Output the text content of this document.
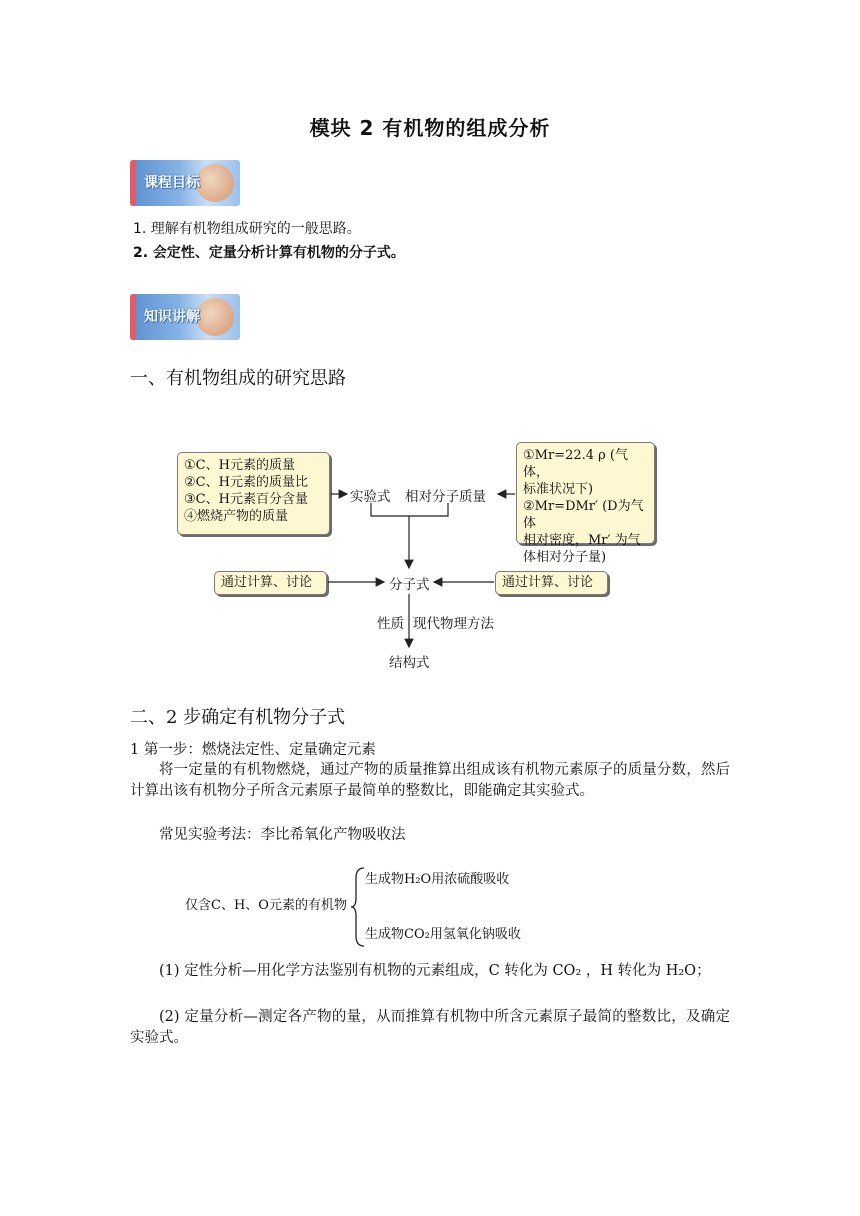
模块 2 有机物的组成分析
课程目标
1. 理解有机物组成研究的一般思路。
2. 会定性、定量分析计算有机物的分子式。
知识讲解
一、有机物组成的研究思路
①C、H元素的质量
②C、H元素的质量比
③C、H元素百分含量
④燃烧产物的质量
①Mr=22.4 ρ (气体，
标准状况下)
②Mr=DMr′ (D为气体
相对密度，Mr′ 为气
体相对分子量)
实验式 相对分子质量
通过计算、讨论	通过计算、讨论
分子式
性质 现代物理方法
结构式
二、2 步确定有机物分子式
1 第一步：燃烧法定性、定量确定元素
将一定量的有机物燃烧，通过产物的质量推算出组成该有机物元素原子的质量分数，然后计算出该有机物分子所含元素原子最简单的整数比，即能确定其实验式。
常见实验考法：李比希氧化产物吸收法
仅含C、H、O元素的有机物
生成物H₂O用浓硫酸吸收
生成物CO₂用氢氧化钠吸收
(1) 定性分析—用化学方法鉴别有机物的元素组成，C 转化为 CO₂ ，H 转化为 H₂O；
(2) 定量分析—测定各产物的量，从而推算有机物中所含元素原子最简的整数比，及确定实验式。
